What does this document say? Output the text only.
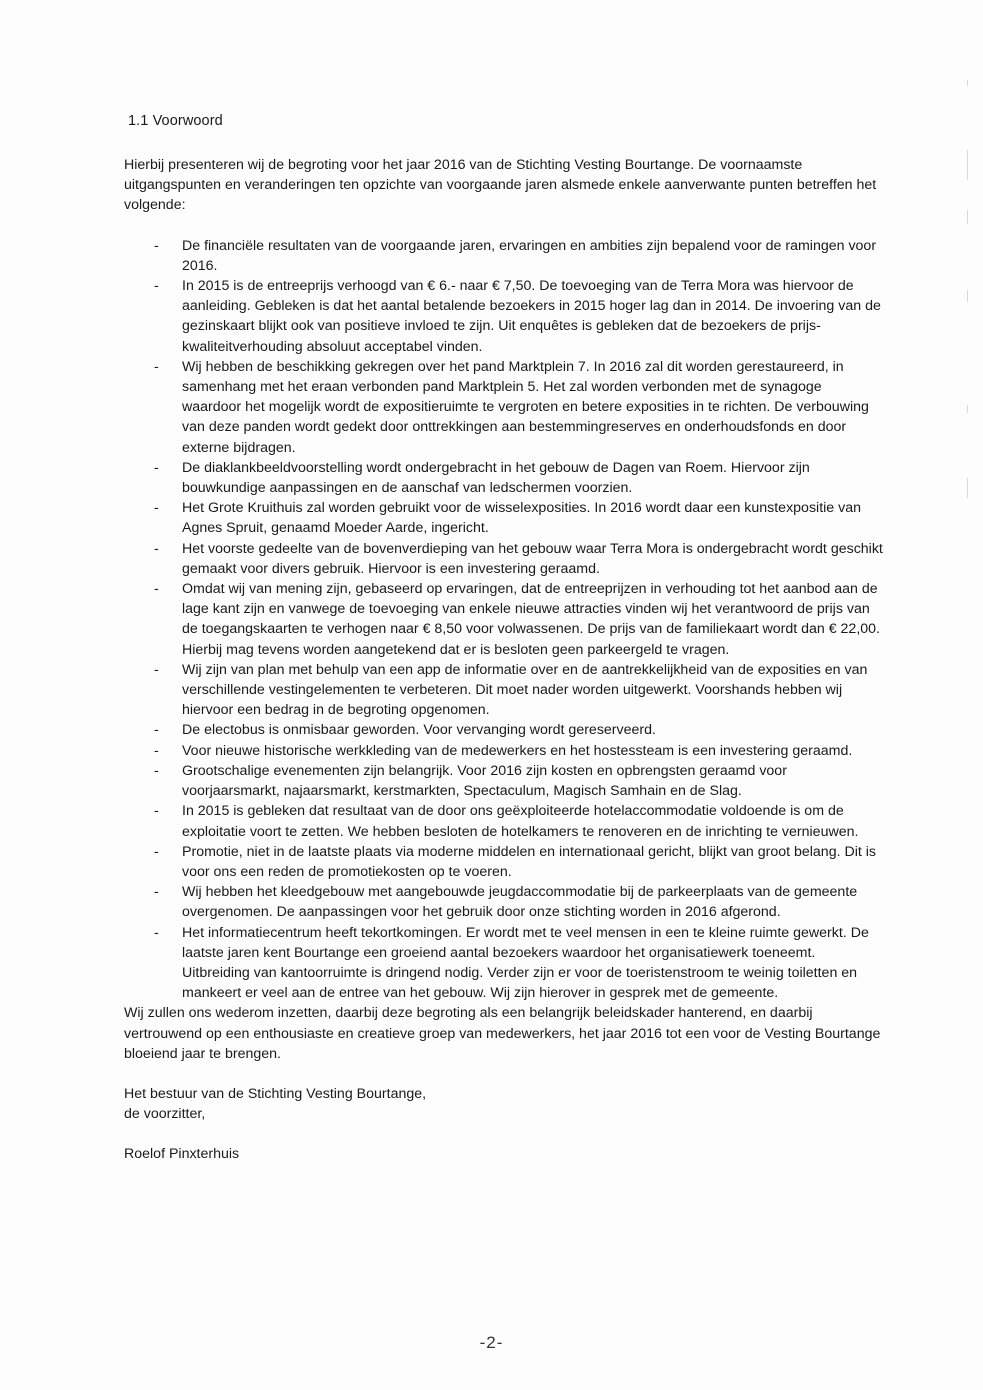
1.1 Voorwoord

Hierbij presenteren wij de begroting voor het jaar 2016 van de Stichting Vesting Bourtange. De voornaamste uitgangspunten en veranderingen ten opzichte van voorgaande jaren alsmede enkele aanverwante punten betreffen het volgende:

- De financiële resultaten van de voorgaande jaren, ervaringen en ambities zijn bepalend voor de ramingen voor 2016.
- In 2015 is de entreeprijs verhoogd van € 6.- naar € 7,50. De toevoeging van de Terra Mora was hiervoor de aanleiding. Gebleken is dat het aantal betalende bezoekers in 2015 hoger lag dan in 2014. De invoering van de gezinskaart blijkt ook van positieve invloed te zijn. Uit enquêtes is gebleken dat de bezoekers de prijs-kwaliteitverhouding absoluut acceptabel vinden.
- Wij hebben de beschikking gekregen over het pand Marktplein 7. In 2016 zal dit worden gerestaureerd, in samenhang met het eraan verbonden pand Marktplein 5. Het zal worden verbonden met de synagoge waardoor het mogelijk wordt de expositieruimte te vergroten en betere exposities in te richten. De verbouwing van deze panden wordt gedekt door onttrekkingen aan bestemmingreserves en onderhoudsfonds en door externe bijdragen.
- De diaklankbeeldvoorstelling wordt ondergebracht in het gebouw de Dagen van Roem. Hiervoor zijn bouwkundige aanpassingen en de aanschaf van ledschermen voorzien.
- Het Grote Kruithuis zal worden gebruikt voor de wisselexposities. In 2016 wordt daar een kunstexpositie van Agnes Spruit, genaamd Moeder Aarde, ingericht.
- Het voorste gedeelte van de bovenverdieping van het gebouw waar Terra Mora is ondergebracht wordt geschikt gemaakt voor divers gebruik. Hiervoor is een investering geraamd.
- Omdat wij van mening zijn, gebaseerd op ervaringen, dat de entreeprijzen in verhouding tot het aanbod aan de lage kant zijn en vanwege de toevoeging van enkele nieuwe attracties vinden wij het verantwoord de prijs van de toegangskaarten te verhogen naar € 8,50 voor volwassenen. De prijs van de familiekaart wordt dan € 22,00. Hierbij mag tevens worden aangetekend dat er is besloten geen parkeergeld te vragen.
- Wij zijn van plan met behulp van een app de informatie over en de aantrekkelijkheid van de exposities en van verschillende vestingelementen te verbeteren. Dit moet nader worden uitgewerkt. Voorshands hebben wij hiervoor een bedrag in de begroting opgenomen.
- De electobus is onmisbaar geworden. Voor vervanging wordt gereserveerd.
- Voor nieuwe historische werkkleding van de medewerkers en het hostessteam is een investering geraamd.
- Grootschalige evenementen zijn belangrijk. Voor 2016 zijn kosten en opbrengsten geraamd voor voorjaarsmarkt, najaarsmarkt, kerstmarkten, Spectaculum, Magisch Samhain en de Slag.
- In 2015 is gebleken dat resultaat van de door ons geëxploiteerde hotelaccommodatie voldoende is om de exploitatie voort te zetten. We hebben besloten de hotelkamers te renoveren en de inrichting te vernieuwen.
- Promotie, niet in de laatste plaats via moderne middelen en internationaal gericht, blijkt van groot belang. Dit is voor ons een reden de promotiekosten op te voeren.
- Wij hebben het kleedgebouw met aangebouwde jeugdaccommodatie bij de parkeerplaats van de gemeente overgenomen. De aanpassingen voor het gebruik door onze stichting worden in 2016 afgerond.
- Het informatiecentrum heeft tekortkomingen. Er wordt met te veel mensen in een te kleine ruimte gewerkt. De laatste jaren kent Bourtange een groeiend aantal bezoekers waardoor het organisatiewerk toeneemt. Uitbreiding van kantoorruimte is dringend nodig. Verder zijn er voor de toeristenstroom te weinig toiletten en mankeert er veel aan de entree van het gebouw. Wij zijn hierover in gesprek met de gemeente.

Wij zullen ons wederom inzetten, daarbij deze begroting als een belangrijk beleidskader hanterend, en daarbij vertrouwend op een enthousiaste en creatieve groep van medewerkers, het jaar 2016 tot een voor de Vesting Bourtange bloeiend jaar te brengen.

Het bestuur van de Stichting Vesting Bourtange,
de voorzitter,
Roelof Pinxterhuis
-2-
